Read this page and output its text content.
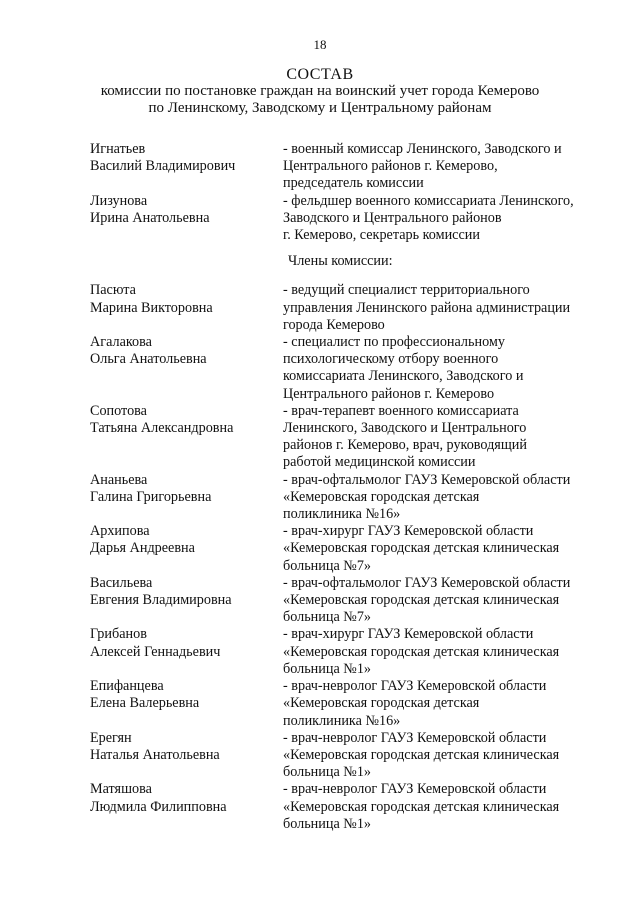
18
СОСТАВ
комиссии по постановке граждан на воинский учет города Кемерово
по Ленинскому, Заводскому и Центральному районам
Игнатьев
Василий Владимирович
- военный комиссар Ленинского, Заводского и
Центрального районов г. Кемерово,
председатель комиссии
Лизунова
Ирина Анатольевна
- фельдшер военного комиссариата Ленинского,
Заводского и Центрального районов
г. Кемерово, секретарь комиссии
Члены комиссии:
Пасюта
Марина Викторовна
- ведущий специалист территориального
управления Ленинского района администрации
города Кемерово
Агалакова
Ольга Анатольевна
- специалист по профессиональному
психологическому отбору военного
комиссариата Ленинского, Заводского и
Центрального районов г. Кемерово
Сопотова
Татьяна Александровна
- врач-терапевт военного комиссариата
Ленинского, Заводского и Центрального
районов г. Кемерово, врач, руководящий
работой медицинской комиссии
Ананьева
Галина Григорьевна
- врач-офтальмолог ГАУЗ Кемеровской области
«Кемеровская городская детская
поликлиника №16»
Архипова
Дарья Андреевна
- врач-хирург ГАУЗ Кемеровской области
«Кемеровская городская детская клиническая
больница №7»
Васильева
Евгения Владимировна
- врач-офтальмолог ГАУЗ Кемеровской области
«Кемеровская городская детская клиническая
больница №7»
Грибанов
Алексей Геннадьевич
- врач-хирург ГАУЗ Кемеровской области
«Кемеровская городская детская клиническая
больница №1»
Епифанцева
Елена Валерьевна
- врач-невролог ГАУЗ Кемеровской области
«Кемеровская городская детская
поликлиника №16»
Ерегян
Наталья Анатольевна
- врач-невролог ГАУЗ Кемеровской области
«Кемеровская городская детская клиническая
больница №1»
Матяшова
Людмила Филипповна
- врач-невролог ГАУЗ Кемеровской области
«Кемеровская городская детская клиническая
больница №1»
